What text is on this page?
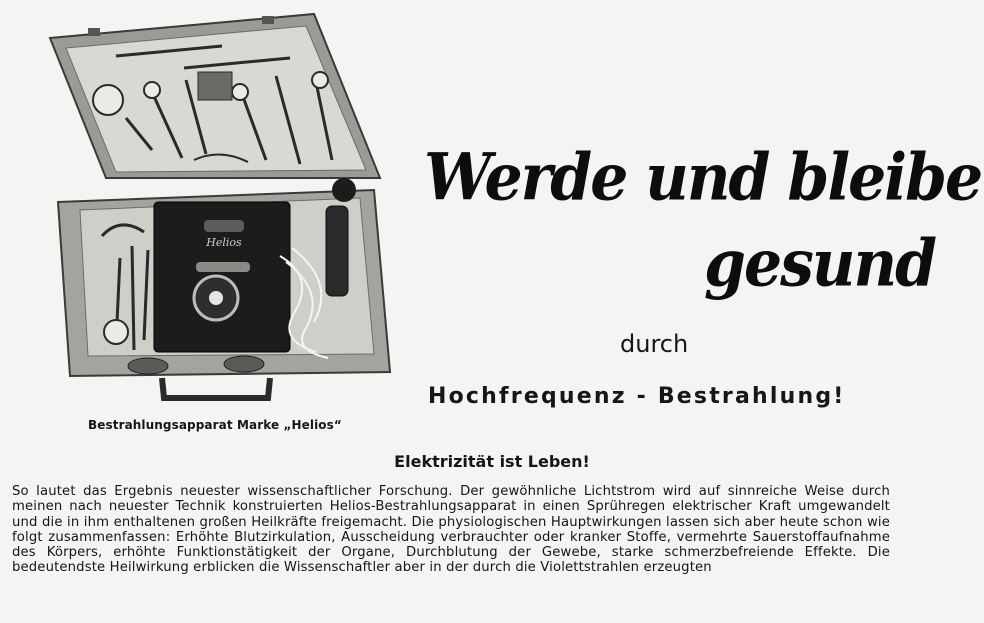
Helios
Bestrahlungsapparat Marke „Helios“
Werde und bleibe
gesund
durch
Hochfrequenz - Bestrahlung!
Elektrizität ist Leben!
So lautet das Ergebnis neuester wissenschaftlicher Forschung. Der gewöhnliche Lichtstrom wird auf sinnreiche Weise durch meinen nach neuester Technik konstruierten Helios-Bestrahlungsapparat in einen Sprühregen elektrischer Kraft umgewandelt und die in ihm enthaltenen großen Heilkräfte freigemacht. Die physiologischen Hauptwirkungen lassen sich aber heute schon wie folgt zusammenfassen: Erhöhte Blutzirkulation, Ausscheidung verbrauchter oder kranker Stoffe, vermehrte Sauerstoffaufnahme des Körpers, erhöhte Funktionstätigkeit der Organe, Durchblutung der Gewebe, starke schmerzbefreiende Effekte. Die bedeutendste Heilwirkung erblicken die Wissenschaftler aber in der durch die Violettstrahlen erzeugten
